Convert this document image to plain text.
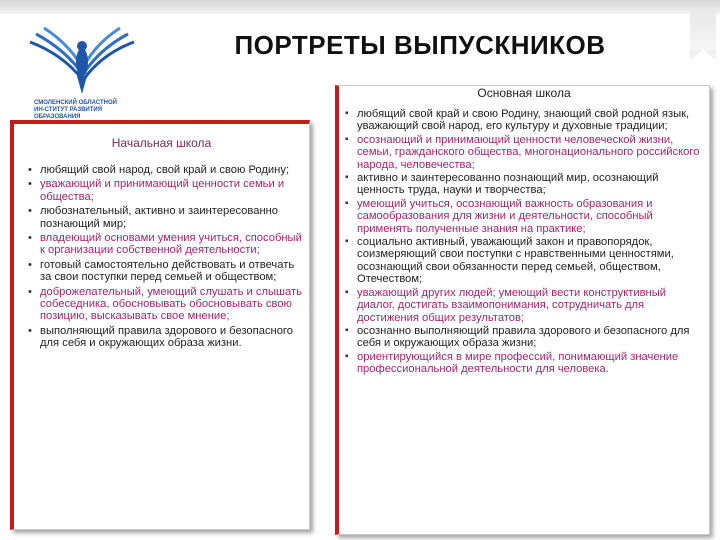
СМОЛЕНСКИЙ ОБЛАСТНОЙ
ИН-СТИТУТ РАЗВИТИЯ ОБРАЗОВАНИЯ
ПОРТРЕТЫ ВЫПУСКНИКОВ
Начальная школа
• любящий свой народ, свой край и свою Родину;
• уважающий и принимающий ценности семьи и общества;
• любознательный, активно и заинтересованно познающий мир;
• владеющий основами умения учиться, способный к организации собственной деятельности;
• готовый самостоятельно действовать и отвечать за свои поступки перед семьей и обществом;
• доброжелательный, умеющий слушать и слышать собеседника, обосновывать обосновывать свою позицию, высказывать свое мнение;
• выполняющий правила здорового и безопасного для себя и окружающих образа жизни.
Основная школа
▪ любящий свой край и свою Родину, знающий свой родной язык, уважающий свой народ, его культуру и духовные традиции;
▪ осознающий и принимающий ценности человеческой жизни, семьи, гражданского общества, многонационального российского народа, человечества;
▪ активно и заинтересованно познающий мир, осознающий ценность труда, науки и творчества;
▪ умеющий учиться, осознающий важность образования и самообразования для жизни и деятельности, способный применять полученные знания на практике;
▪ социально активный, уважающий закон и правопорядок, соизмеряющий свои поступки с нравственными ценностями, осознающий свои обязанности перед семьей, обществом, Отечеством;
▪ уважающий других людей; умеющий вести конструктивный диалог, достигать взаимопонимания, сотрудничать для достижения общих результатов;
▪ осознанно выполняющий правила здорового и безопасного для себя и окружающих образа жизни;
▪ ориентирующийся в мире профессий, понимающий значение профессиональной деятельности для человека.
